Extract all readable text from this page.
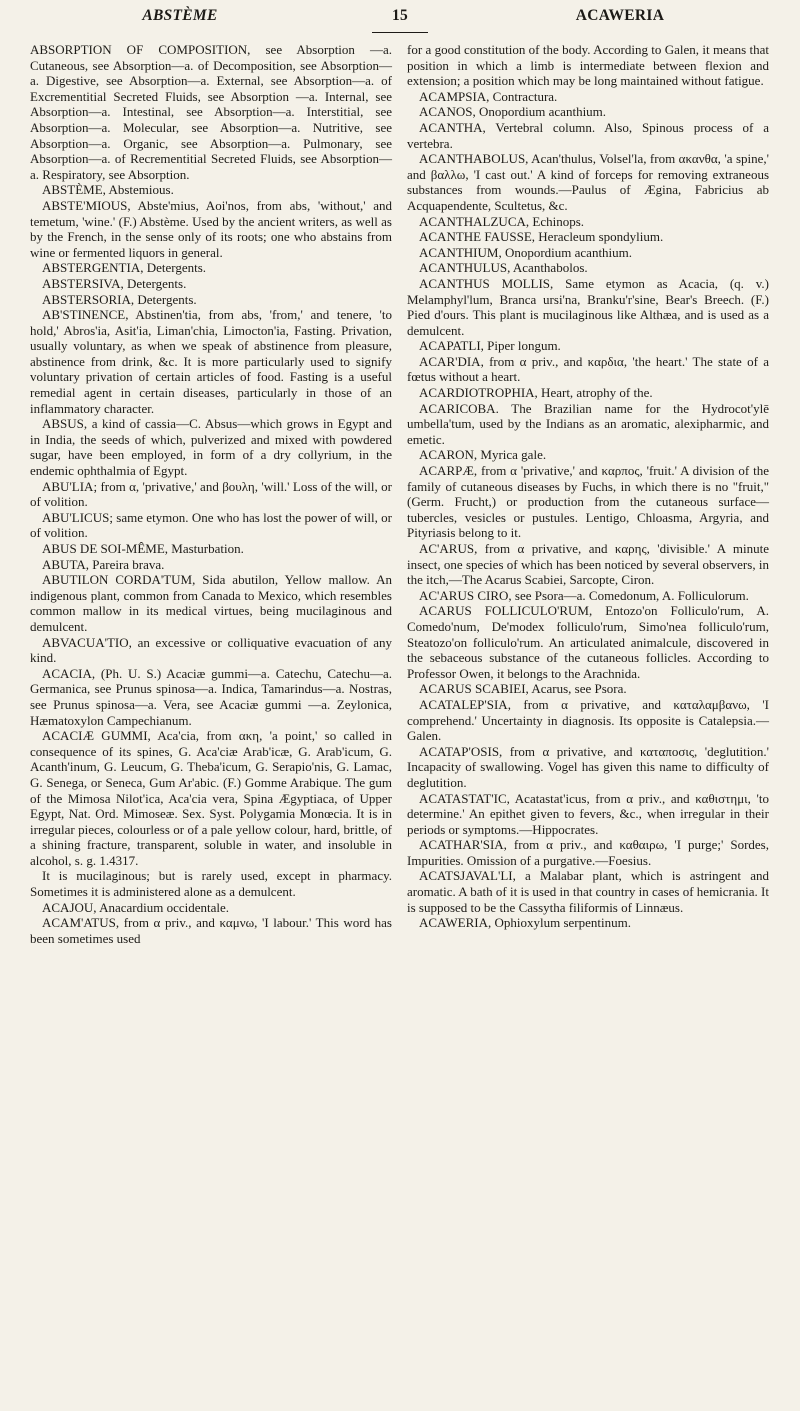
ABSTÈME	15	ACAWERIA

ABSORPTION OF COMPOSITION, see Absorption —a. Cutaneous, see Absorption—a. of Decomposition, see Absorption—a. Digestive, see Absorption—a. External, see Absorption—a. of Excrementitial Secreted Fluids, see Absorption —a. Internal, see Absorption—a. Intestinal, see Absorption—a. Interstitial, see Absorption—a. Molecular, see Absorption—a. Nutritive, see Absorption—a. Organic, see Absorption—a. Pulmonary, see Absorption—a. of Recrementitial Secreted Fluids, see Absorption—a. Respiratory, see Absorption.

ABSTÈME, Abstemious.

ABSTE'MIOUS, Abste'mius, Aoi'nos, from abs, 'without,' and temetum, 'wine.' (F.) Abstème. Used by the ancient writers, as well as by the French, in the sense only of its roots; one who abstains from wine or fermented liquors in general.

ABSTERGENTIA, Detergents.

ABSTERSIVA, Detergents.

ABSTERSORIA, Detergents.

AB'STINENCE, Abstinen'tia, from abs, 'from,' and tenere, 'to hold,' Abros'ia, Asit'ia, Liman'chia, Limocton'ia, Fasting. Privation, usually voluntary, as when we speak of abstinence from pleasure, abstinence from drink, &c. It is more particularly used to signify voluntary privation of certain articles of food. Fasting is a useful remedial agent in certain diseases, particularly in those of an inflammatory character.

ABSUS, a kind of cassia—C. Absus—which grows in Egypt and in India, the seeds of which, pulverized and mixed with powdered sugar, have been employed, in form of a dry collyrium, in the endemic ophthalmia of Egypt.

ABU'LIA; from α, 'privative,' and βουλη, 'will.' Loss of the will, or of volition.

ABU'LICUS; same etymon. One who has lost the power of will, or of volition.

ABUS DE SOI-MÊME, Masturbation.

ABUTA, Pareira brava.

ABUTILON CORDA'TUM, Sida abutilon, Yellow mallow. An indigenous plant, common from Canada to Mexico, which resembles common mallow in its medical virtues, being mucilaginous and demulcent.

ABVACUA'TIO, an excessive or colliquative evacuation of any kind.

ACACIA, (Ph. U. S.) Acaciæ gummi—a. Catechu, Catechu—a. Germanica, see Prunus spinosa—a. Indica, Tamarindus—a. Nostras, see Prunus spinosa—a. Vera, see Acaciæ gummi —a. Zeylonica, Hæmatoxylon Campechianum.

ACACIÆ GUMMI, Aca'cia, from ακη, 'a point,' so called in consequence of its spines, G. Aca'ciæ Arab'icæ, G. Arab'icum, G. Acanth'inum, G. Leucum, G. Theba'icum, G. Serapio'nis, G. Lamac, G. Senega, or Seneca, Gum Ar'abic. (F.) Gomme Arabique. The gum of the Mimosa Nilot'ica, Aca'cia vera, Spina Ægyptiaca, of Upper Egypt, Nat. Ord. Mimoseæ. Sex. Syst. Polygamia Monœcia. It is in irregular pieces, colourless or of a pale yellow colour, hard, brittle, of a shining fracture, transparent, soluble in water, and insoluble in alcohol, s. g. 1.4317.

It is mucilaginous; but is rarely used, except in pharmacy. Sometimes it is administered alone as a demulcent.

ACAJOU, Anacardium occidentale.

ACAM'ATUS, from α priv., and καμνω, 'I labour.' This word has been sometimes used

for a good constitution of the body. According to Galen, it means that position in which a limb is intermediate between flexion and extension; a position which may be long maintained without fatigue.

ACAMPSIA, Contractura.

ACANOS, Onopordium acanthium.

ACANTHA, Vertebral column. Also, Spinous process of a vertebra.

ACANTHABOLUS, Acan'thulus, Volsel'la, from ακανθα, 'a spine,' and βαλλω, 'I cast out.' A kind of forceps for removing extraneous substances from wounds.—Paulus of Ægina, Fabricius ab Acquapendente, Scultetus, &c.

ACANTHALZUCA, Echinops.

ACANTHE FAUSSE, Heracleum spondylium.

ACANTHIUM, Onopordium acanthium.

ACANTHULUS, Acanthabolos.

ACANTHUS MOLLIS, Same etymon as Acacia, (q. v.) Melamphyl'lum, Branca ursi'na, Branku'r'sine, Bear's Breech. (F.) Pied d'ours. This plant is mucilaginous like Althæa, and is used as a demulcent.

ACAPATLI, Piper longum.

ACAR'DIA, from α priv., and καρδια, 'the heart.' The state of a fœtus without a heart.

ACARDIOTROPHIA, Heart, atrophy of the.

ACARICOBA. The Brazilian name for the Hydrocot'ylē umbella'tum, used by the Indians as an aromatic, alexipharmic, and emetic.

ACARON, Myrica gale.

ACARPÆ, from α 'privative,' and καρπος, 'fruit.' A division of the family of cutaneous diseases by Fuchs, in which there is no "fruit," (Germ. Frucht,) or production from the cutaneous surface—tubercles, vesicles or pustules. Lentigo, Chloasma, Argyria, and Pityriasis belong to it.

AC'ARUS, from α privative, and καρης, 'divisible.' A minute insect, one species of which has been noticed by several observers, in the itch,—The Acarus Scabiei, Sarcopte, Ciron.

AC'ARUS CIRO, see Psora—a. Comedonum, A. Folliculorum.

ACARUS FOLLICULO'RUM, Entozo'on Folliculo'rum, A. Comedo'num, De'modex folliculo'rum, Simo'nea folliculo'rum, Steatozo'on folliculo'rum. An articulated animalcule, discovered in the sebaceous substance of the cutaneous follicles. According to Professor Owen, it belongs to the Arachnida.

ACARUS SCABIEI, Acarus, see Psora.

ACATALEP'SIA, from α privative, and καταλαμβανω, 'I comprehend.' Uncertainty in diagnosis. Its opposite is Catalepsia.—Galen.

ACATAP'OSIS, from α privative, and καταποσις, 'deglutition.' Incapacity of swallowing. Vogel has given this name to difficulty of deglutition.

ACATASTAT'IC, Acatastat'icus, from α priv., and καθιστημι, 'to determine.' An epithet given to fevers, &c., when irregular in their periods or symptoms.—Hippocrates.

ACATHAR'SIA, from α priv., and καθαιρω, 'I purge;' Sordes, Impurities. Omission of a purgative.—Foesius.

ACATSJAVAL'LI, a Malabar plant, which is astringent and aromatic. A bath of it is used in that country in cases of hemicrania. It is supposed to be the Cassytha filiformis of Linnæus.

ACAWERIA, Ophioxylum serpentinum.
